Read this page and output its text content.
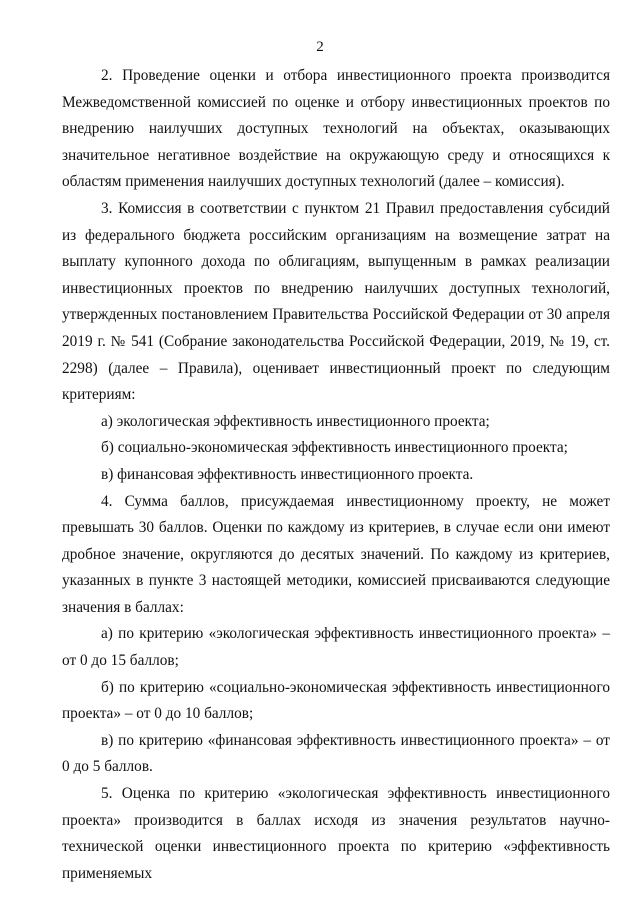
2

2. Проведение оценки и отбора инвестиционного проекта производится Межведомственной комиссией по оценке и отбору инвестиционных проектов по внедрению наилучших доступных технологий на объектах, оказывающих значительное негативное воздействие на окружающую среду и относящихся к областям применения наилучших доступных технологий (далее – комиссия).

3. Комиссия в соответствии с пунктом 21 Правил предоставления субсидий из федерального бюджета российским организациям на возмещение затрат на выплату купонного дохода по облигациям, выпущенным в рамках реализации инвестиционных проектов по внедрению наилучших доступных технологий, утвержденных постановлением Правительства Российской Федерации от 30 апреля 2019 г. № 541 (Собрание законодательства Российской Федерации, 2019, № 19, ст. 2298) (далее – Правила), оценивает инвестиционный проект по следующим критериям:

а) экологическая эффективность инвестиционного проекта;

б) социально-экономическая эффективность инвестиционного проекта;

в) финансовая эффективность инвестиционного проекта.

4. Сумма баллов, присуждаемая инвестиционному проекту, не может превышать 30 баллов. Оценки по каждому из критериев, в случае если они имеют дробное значение, округляются до десятых значений. По каждому из критериев, указанных в пункте 3 настоящей методики, комиссией присваиваются следующие значения в баллах:

а) по критерию «экологическая эффективность инвестиционного проекта» – от 0 до 15 баллов;

б) по критерию «социально-экономическая эффективность инвестиционного проекта» – от 0 до 10 баллов;

в) по критерию «финансовая эффективность инвестиционного проекта» – от 0 до 5 баллов.

5. Оценка по критерию «экологическая эффективность инвестиционного проекта» производится в баллах исходя из значения результатов научно-технической оценки инвестиционного проекта по критерию «эффективность применяемых
